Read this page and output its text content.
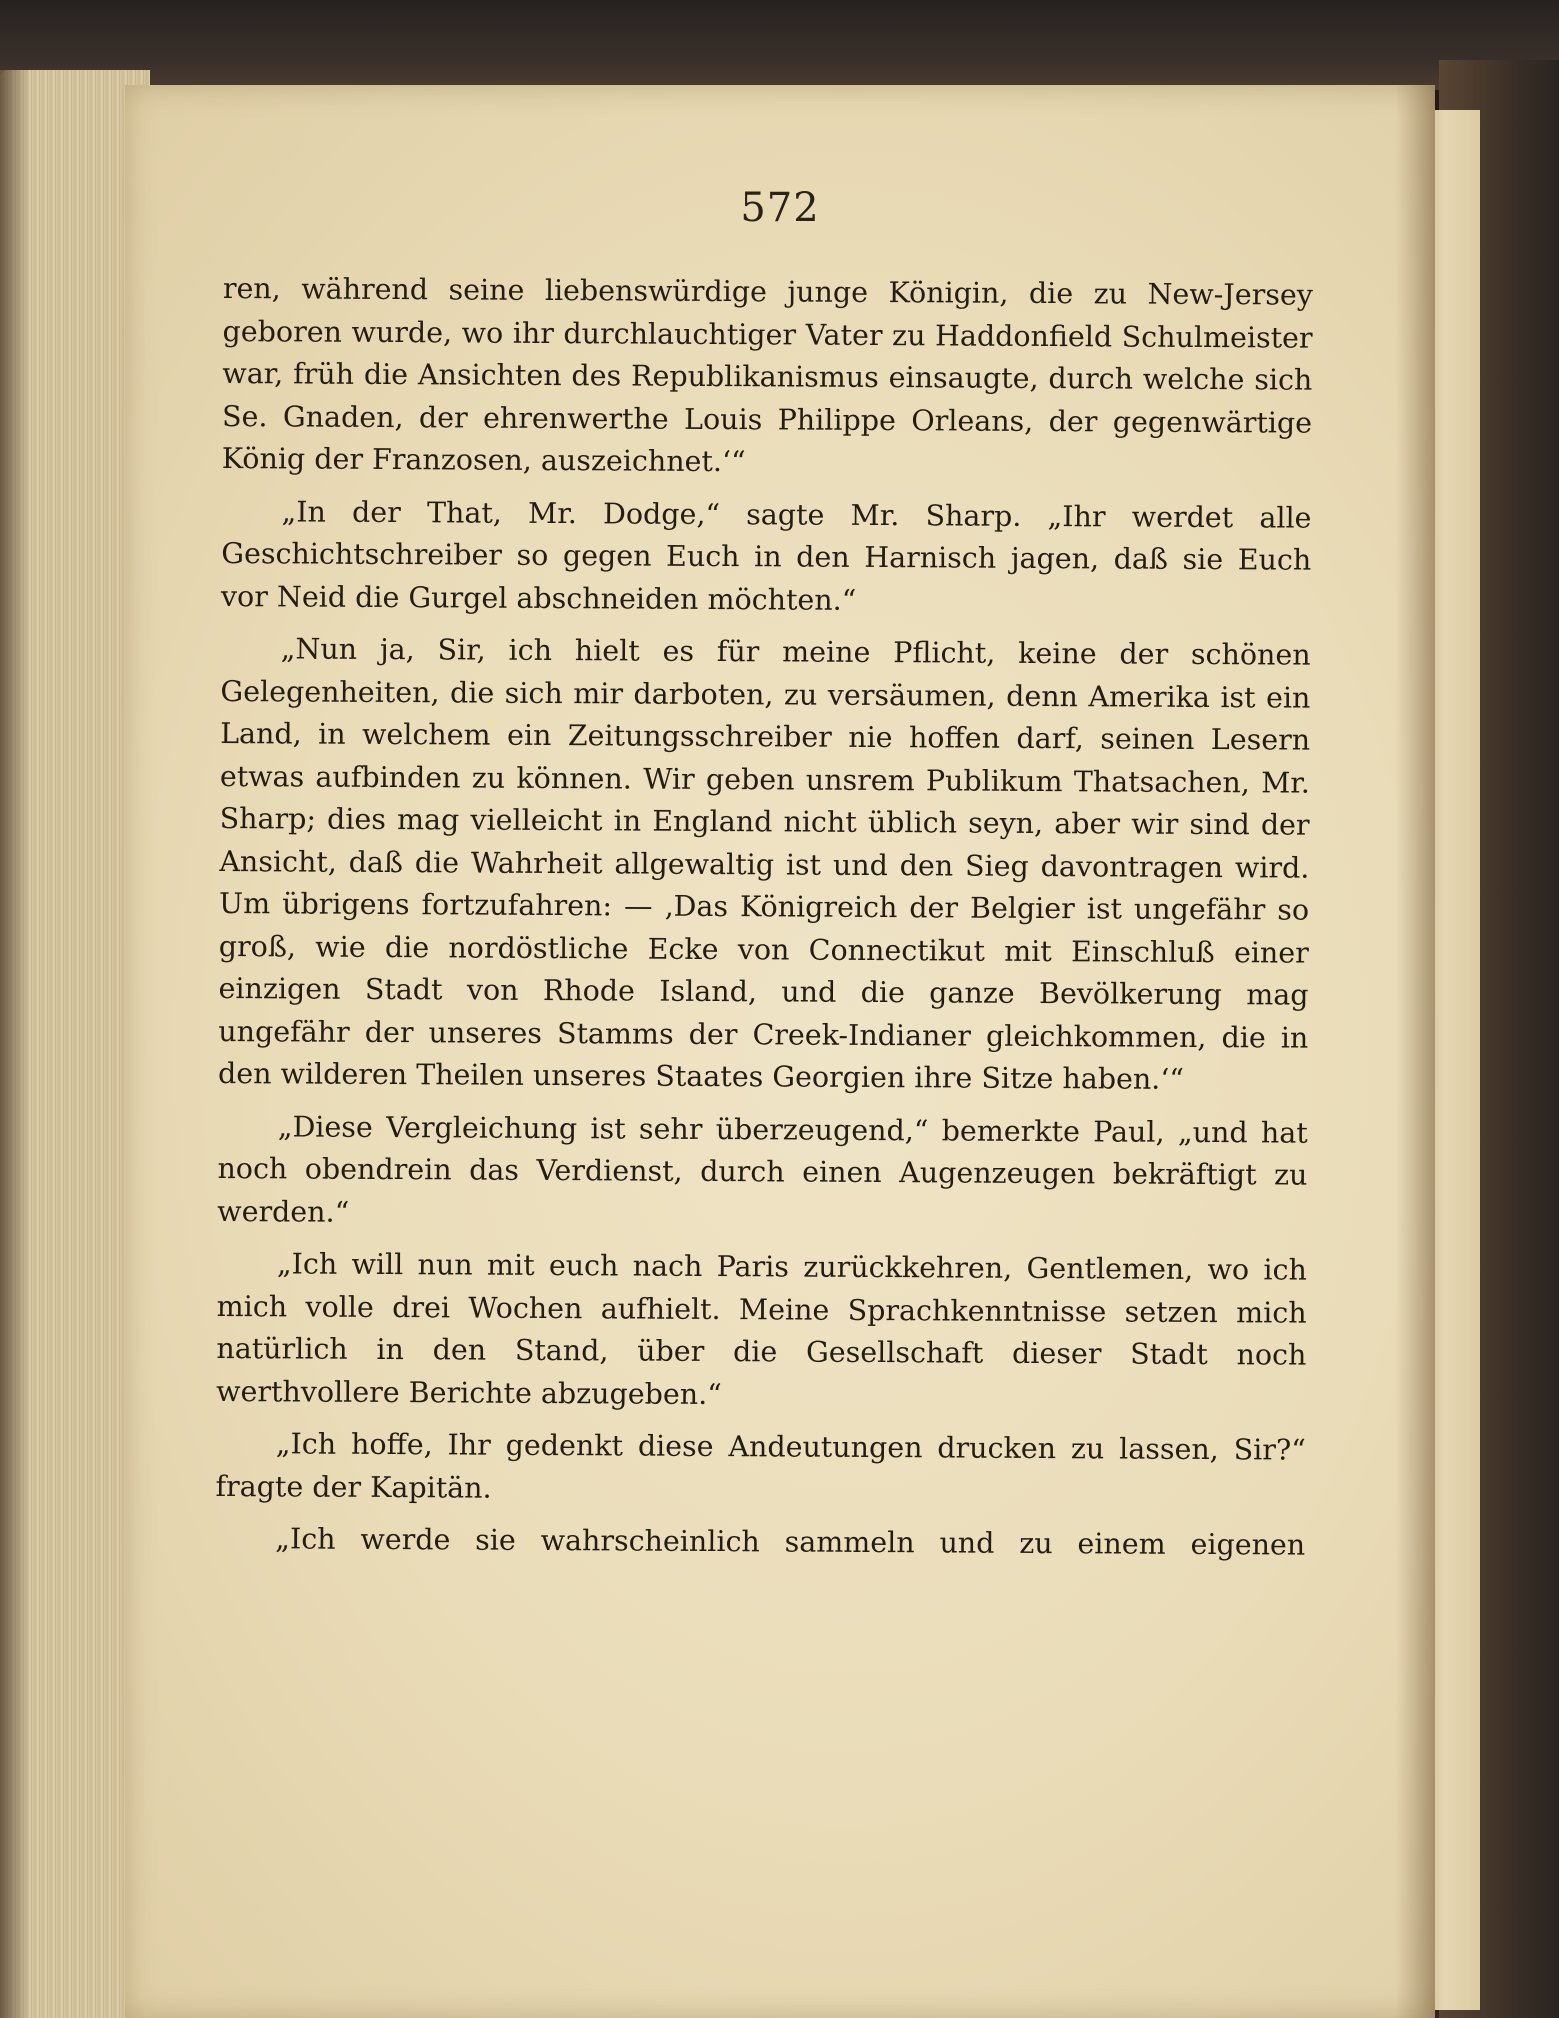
572

ren, während seine liebenswürdige junge Königin, die zu New-Jersey geboren wurde, wo ihr durchlauchtiger Vater zu Haddonfield Schulmeister war, früh die Ansichten des Republikanismus einsaugte, durch welche sich Se. Gnaden, der ehrenwerthe Louis Philippe Orleans, der gegenwärtige König der Franzosen, auszeichnet.‘“

„In der That, Mr. Dodge,“ sagte Mr. Sharp. „Ihr werdet alle Geschichtschreiber so gegen Euch in den Harnisch jagen, daß sie Euch vor Neid die Gurgel abschneiden möchten.“

„Nun ja, Sir, ich hielt es für meine Pflicht, keine der schönen Gelegenheiten, die sich mir darboten, zu versäumen, denn Amerika ist ein Land, in welchem ein Zeitungsschreiber nie hoffen darf, seinen Lesern etwas aufbinden zu können. Wir geben unsrem Publikum Thatsachen, Mr. Sharp; dies mag vielleicht in England nicht üblich seyn, aber wir sind der Ansicht, daß die Wahrheit allgewaltig ist und den Sieg davontragen wird. Um übrigens fortzufahren: — ‚Das Königreich der Belgier ist ungefähr so groß, wie die nordöstliche Ecke von Connectikut mit Einschluß einer einzigen Stadt von Rhode Island, und die ganze Bevölkerung mag ungefähr der unseres Stamms der Creek-Indianer gleichkommen, die in den wilderen Theilen unseres Staates Georgien ihre Sitze haben.‘“

„Diese Vergleichung ist sehr überzeugend,“ bemerkte Paul, „und hat noch obendrein das Verdienst, durch einen Augenzeugen bekräftigt zu werden.“

„Ich will nun mit euch nach Paris zurückkehren, Gentlemen, wo ich mich volle drei Wochen aufhielt. Meine Sprachkenntnisse setzen mich natürlich in den Stand, über die Gesellschaft dieser Stadt noch werthvollere Berichte abzugeben.“

„Ich hoffe, Ihr gedenkt diese Andeutungen drucken zu lassen, Sir?“ fragte der Kapitän.

„Ich werde sie wahrscheinlich sammeln und zu einem eigenen
